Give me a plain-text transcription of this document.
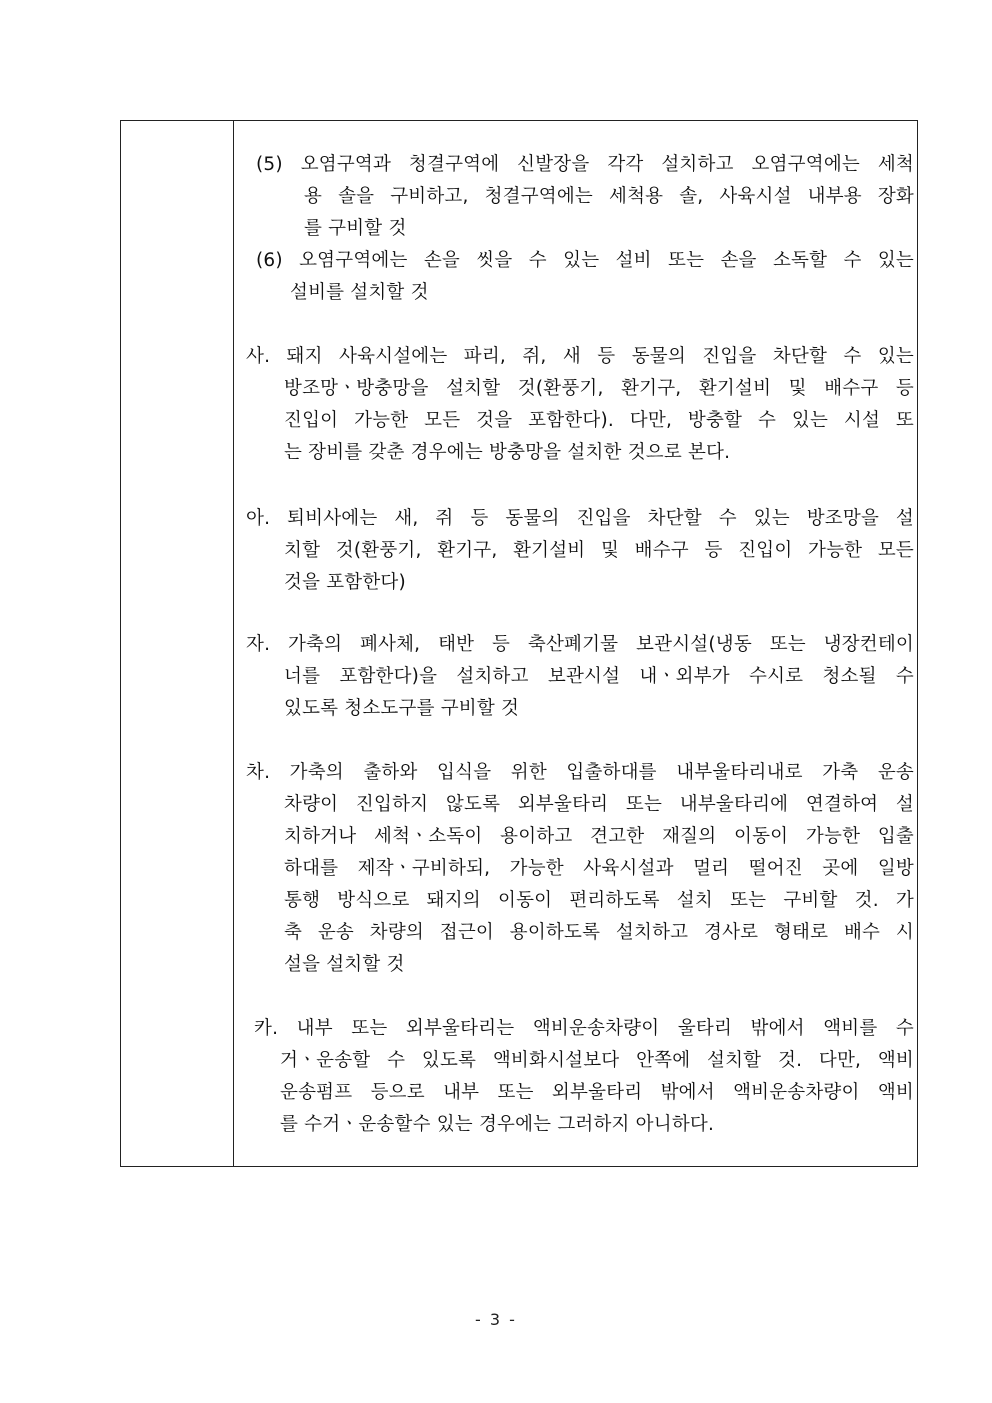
(5) 오염구역과 청결구역에 신발장을 각각 설치하고 오염구역에는 세척
용 솔을 구비하고, 청결구역에는 세척용 솔, 사육시설 내부용 장화
를 구비할 것
(6) 오염구역에는 손을 씻을 수 있는 설비 또는 손을 소독할 수 있는
설비를 설치할 것
사. 돼지 사육시설에는 파리, 쥐, 새 등 동물의 진입을 차단할 수 있는
방조망ㆍ방충망을 설치할 것(환풍기, 환기구, 환기설비 및 배수구 등
진입이 가능한 모든 것을 포함한다). 다만, 방충할 수 있는 시설 또
는 장비를 갖춘 경우에는 방충망을 설치한 것으로 본다.
아. 퇴비사에는 새, 쥐 등 동물의 진입을 차단할 수 있는 방조망을 설
치할 것(환풍기, 환기구, 환기설비 및 배수구 등 진입이 가능한 모든
것을 포함한다)
자. 가축의 폐사체, 태반 등 축산폐기물 보관시설(냉동 또는 냉장컨테이
너를 포함한다)을 설치하고 보관시설 내ㆍ외부가 수시로 청소될 수
있도록 청소도구를 구비할 것
차. 가축의 출하와 입식을 위한 입출하대를 내부울타리내로 가축 운송
차량이 진입하지 않도록 외부울타리 또는 내부울타리에 연결하여 설
치하거나 세척ㆍ소독이 용이하고 견고한 재질의 이동이 가능한 입출
하대를 제작ㆍ구비하되, 가능한 사육시설과 멀리 떨어진 곳에 일방
통행 방식으로 돼지의 이동이 편리하도록 설치 또는 구비할 것. 가
축 운송 차량의 접근이 용이하도록 설치하고 경사로 형태로 배수 시
설을 설치할 것
카. 내부 또는 외부울타리는 액비운송차량이 울타리 밖에서 액비를 수
거ㆍ운송할 수 있도록 액비화시설보다 안쪽에 설치할 것. 다만, 액비
운송펌프 등으로 내부 또는 외부울타리 밖에서 액비운송차량이 액비
를 수거ㆍ운송할수 있는 경우에는 그러하지 아니하다.
- 3 -
